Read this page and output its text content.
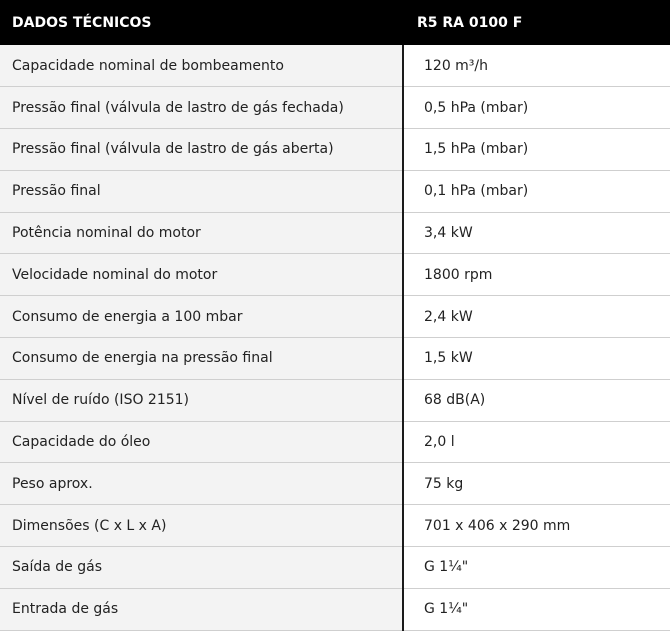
DADOS TÉCNICOS	R5 RA 0100 F
Capacidade nominal de bombeamento	120 m³/h
Pressão final (válvula de lastro de gás fechada)	0,5 hPa (mbar)
Pressão final (válvula de lastro de gás aberta)	1,5 hPa (mbar)
Pressão final	0,1 hPa (mbar)
Potência nominal do motor	3,4 kW
Velocidade nominal do motor	1800 rpm
Consumo de energia a 100 mbar	2,4 kW
Consumo de energia na pressão final	1,5 kW
Nível de ruído (ISO 2151)	68 dB(A)
Capacidade do óleo	2,0 l
Peso aprox.	75 kg
Dimensões (C x L x A)	701 x 406 x 290 mm
Saída de gás	G 1¼"
Entrada de gás	G 1¼"
